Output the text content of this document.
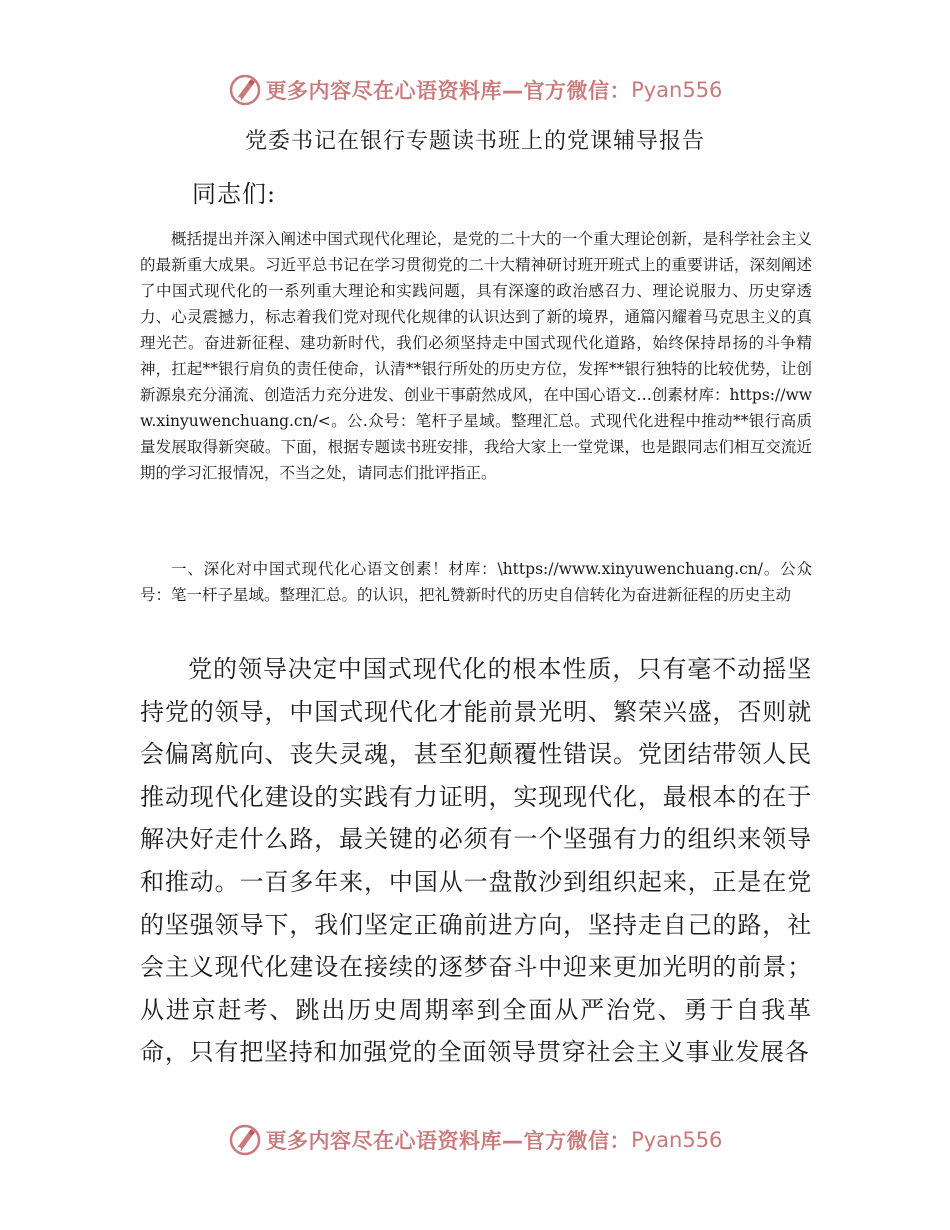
更多内容尽在心语资料库—官方微信： Pyan556
党委书记在银行专题读书班上的党课辅导报告

同志们:

概括提出并深入阐述中国式现代化理论，是党的二十大的一个重大理论创新，是科学社会主义的最新重大成果。习近平总书记在学习贯彻党的二十大精神研讨班开班式上的重要讲话，深刻阐述了中国式现代化的一系列重大理论和实践问题，具有深邃的政治感召力、理论说服力、历史穿透力、心灵震撼力，标志着我们党对现代化规律的认识达到了新的境界，通篇闪耀着马克思主义的真理光芒。奋进新征程、建功新时代，我们必须坚持走中国式现代化道路，始终保持昂扬的斗争精神，扛起**银行肩负的责任使命，认清**银行所处的历史方位，发挥**银行独特的比较优势，让创新源泉充分涌流、创造活力充分进发、创业干事蔚然成风，在中国心语文…创素材库：https://www.xinyuwenchuang.cn/<。公.众号：笔杆子星域。整理汇总。式现代化进程中推动**银行高质量发展取得新突破。下面，根据专题读书班安排，我给大家上一堂党课，也是跟同志们相互交流近期的学习汇报情况，不当之处，请同志们批评指正。

一、深化对中国式现代化心语文创素！材库：\https://www.xinyuwenchuang.cn/。公众号：笔一杆子星域。整理汇总。的认识，把礼赞新时代的历史自信转化为奋进新征程的历史主动

党的领导决定中国式现代化的根本性质，只有毫不动摇坚持党的领导，中国式现代化才能前景光明、繁荣兴盛，否则就会偏离航向、丧失灵魂，甚至犯颠覆性错误。党团结带领人民推动现代化建设的实践有力证明，实现现代化，最根本的在于解决好走什么路，最关键的必须有一个坚强有力的组织来领导和推动。一百多年来，中国从一盘散沙到组织起来，正是在党的坚强领导下，我们坚定正确前进方向，坚持走自己的路，社会主义现代化建设在接续的逐梦奋斗中迎来更加光明的前景；从进京赶考、跳出历史周期率到全面从严治党、勇于自我革命，只有把坚持和加强党的全面领导贯穿社会主义事业发展各

更多内容尽在心语资料库—官方微信： Pyan556
